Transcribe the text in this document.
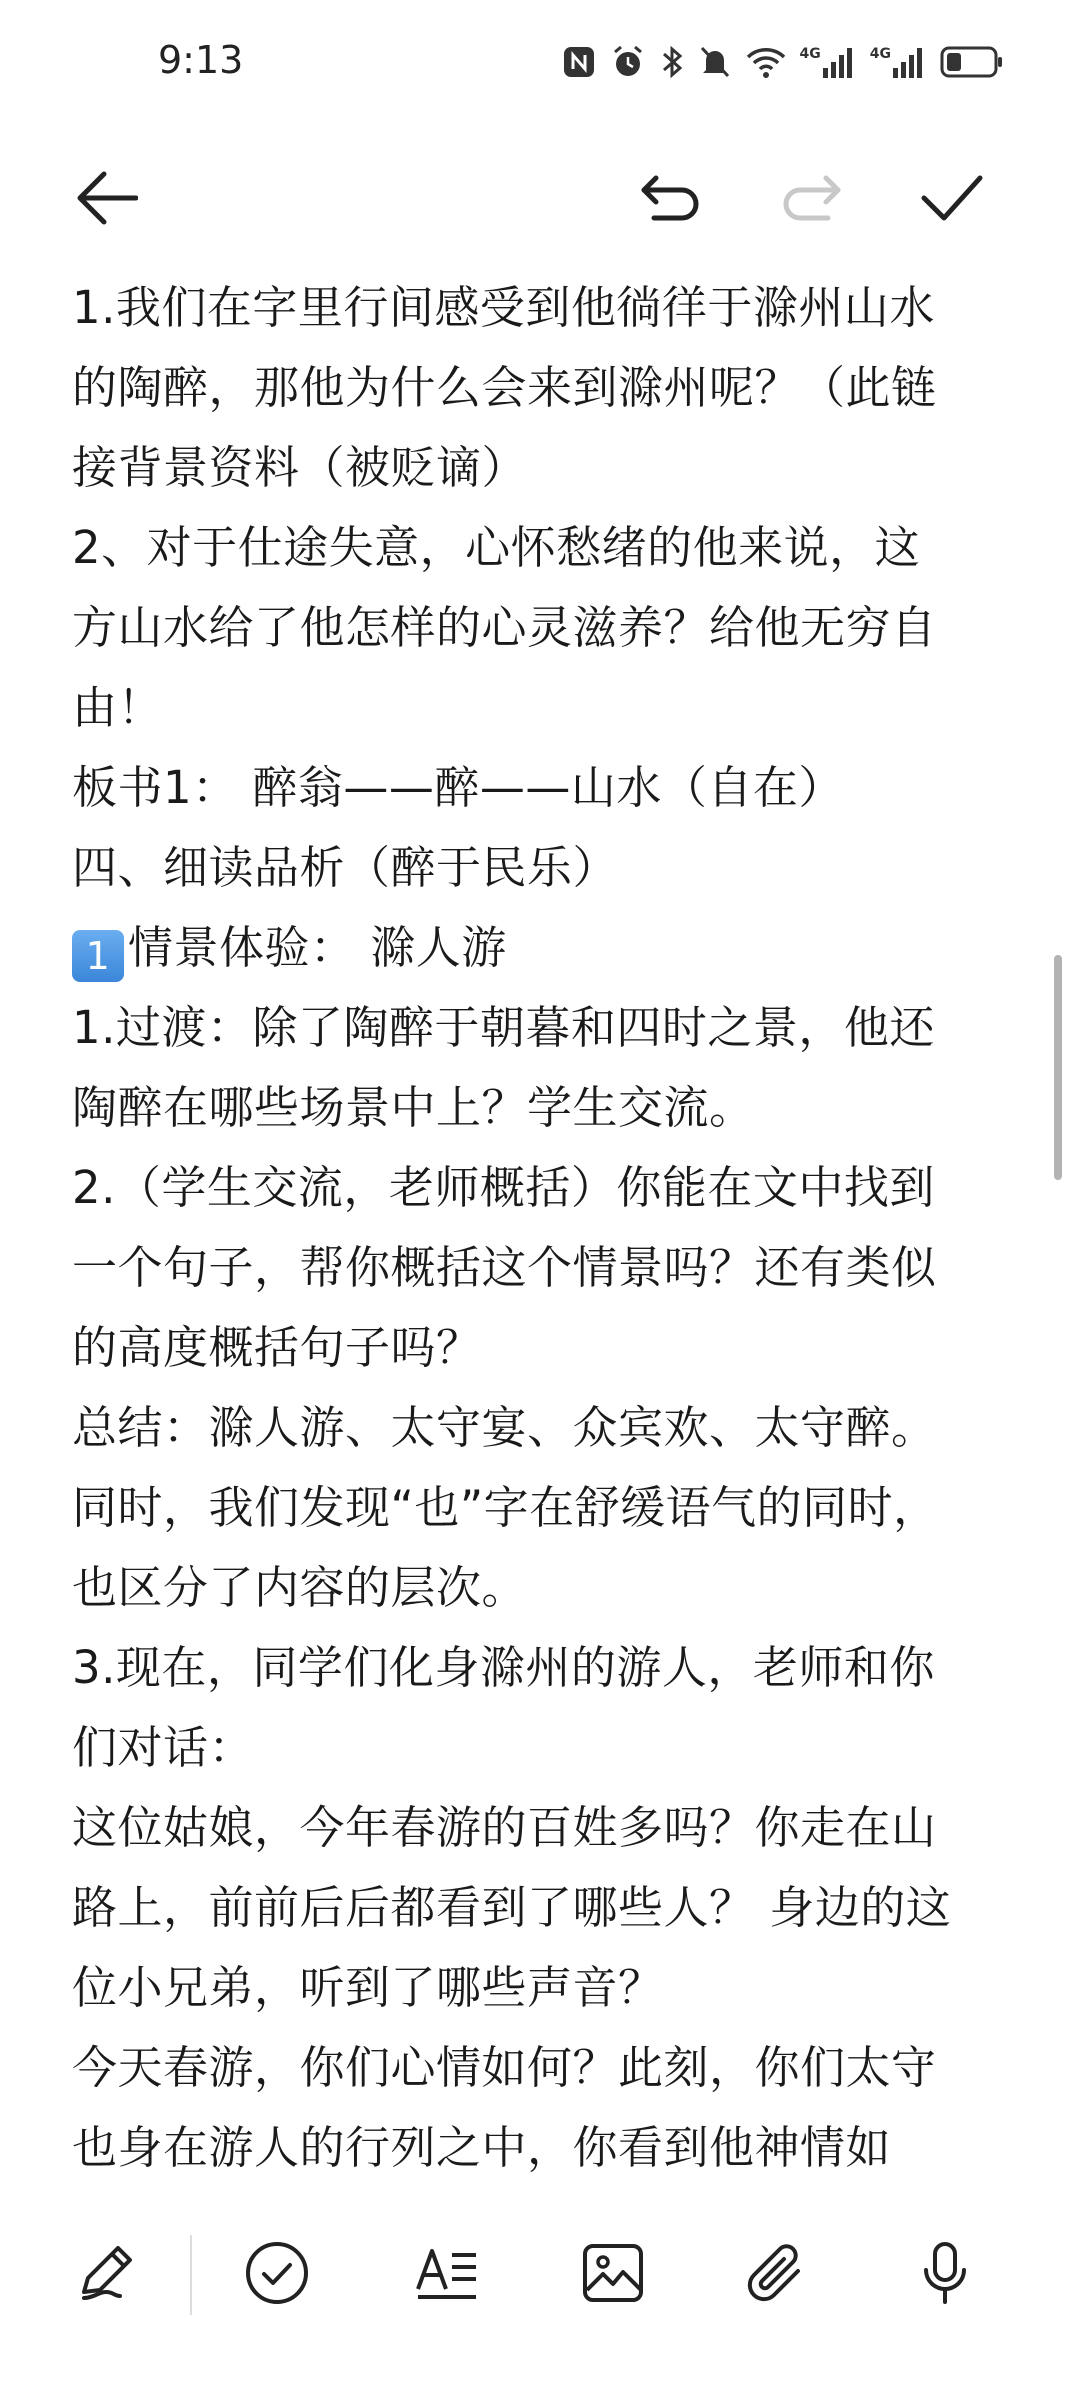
9:13	4G	4G
1.我们在字里行间感受到他徜徉于滁州山水
的陶醉，那他为什么会来到滁州呢？（此链
接背景资料（被贬谪）
2、对于仕途失意，心怀愁绪的他来说，这
方山水给了他怎样的心灵滋养？给他无穷自
由！
板书1： 醉翁——醉——山水（自在）
四、细读品析（醉于民乐）
1 情景体验： 滁人游
1.过渡：除了陶醉于朝暮和四时之景，他还
陶醉在哪些场景中上？学生交流。
2.（学生交流，老师概括）你能在文中找到
一个句子，帮你概括这个情景吗？还有类似
的高度概括句子吗？
总结：滁人游、太守宴、众宾欢、太守醉。
同时，我们发现“也”字在舒缓语气的同时，
也区分了内容的层次。
3.现在，同学们化身滁州的游人，老师和你
们对话：
这位姑娘，今年春游的百姓多吗？你走在山
路上，前前后后都看到了哪些人？ 身边的这
位小兄弟，听到了哪些声音？
今天春游，你们心情如何？此刻，你们太守
也身在游人的行列之中，你看到他神情如
